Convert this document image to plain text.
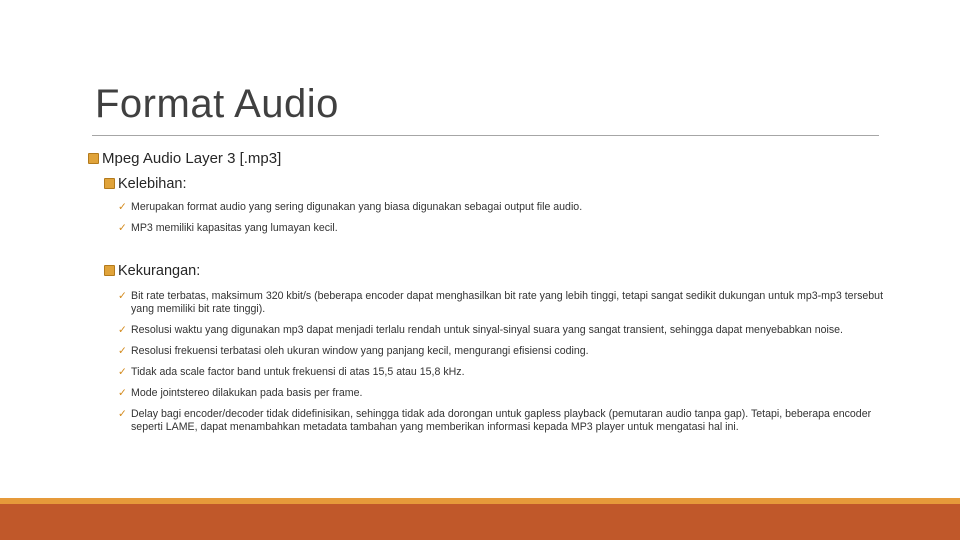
Format Audio
Mpeg Audio Layer 3 [.mp3]
Kelebihan:
✓ Merupakan format audio yang sering digunakan yang biasa digunakan sebagai output file audio.
✓ MP3 memiliki kapasitas yang lumayan kecil.
Kekurangan:
✓ Bit rate terbatas, maksimum 320 kbit/s (beberapa encoder dapat menghasilkan bit rate yang lebih tinggi, tetapi sangat sedikit dukungan untuk mp3-mp3 tersebut yang memiliki bit rate tinggi).
✓ Resolusi waktu yang digunakan mp3 dapat menjadi terlalu rendah untuk sinyal-sinyal suara yang sangat transient, sehingga dapat menyebabkan noise.
✓ Resolusi frekuensi terbatasi oleh ukuran window yang panjang kecil, mengurangi efisiensi coding.
✓ Tidak ada scale factor band untuk frekuensi di atas 15,5 atau 15,8 kHz.
✓ Mode jointstereo dilakukan pada basis per frame.
✓ Delay bagi encoder/decoder tidak didefinisikan, sehingga tidak ada dorongan untuk gapless playback (pemutaran audio tanpa gap). Tetapi, beberapa encoder seperti LAME, dapat menambahkan metadata tambahan yang memberikan informasi kepada MP3 player untuk mengatasi hal ini.
